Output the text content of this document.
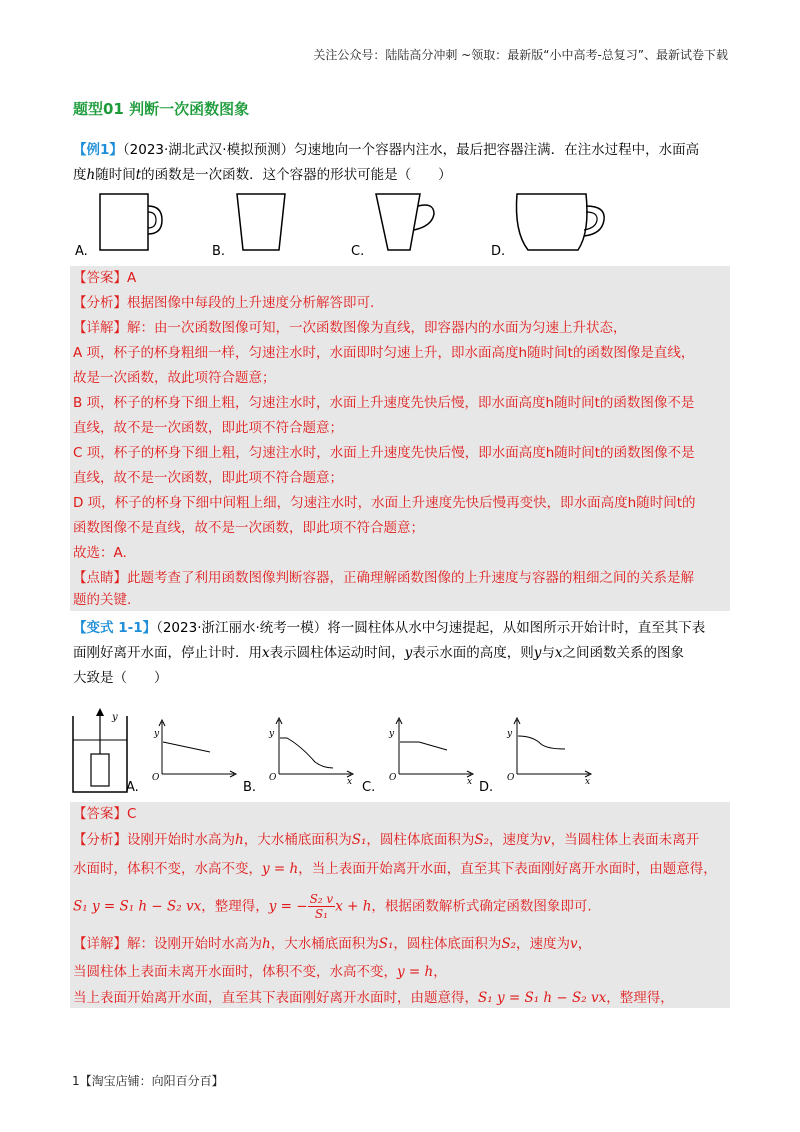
关注公众号：陆陆高分冲刺 ~领取：最新版“小中高考-总复习”、最新试卷下载
题型01 判断一次函数图象
【例1】（2023·湖北武汉·模拟预测）匀速地向一个容器内注水，最后把容器注满．在注水过程中，水面高
度h随时间t的函数是一次函数．这个容器的形状可能是（　　）
A.	B.	C.	D.
【答案】A
【分析】根据图像中每段的上升速度分析解答即可.
【详解】解：由一次函数图像可知，一次函数图像为直线，即容器内的水面为匀速上升状态，
A 项，杯子的杯身粗细一样，匀速注水时，水面即时匀速上升，即水面高度h随时间t的函数图像是直线，
故是一次函数，故此项符合题意；
B 项，杯子的杯身下细上粗，匀速注水时，水面上升速度先快后慢，即水面高度h随时间t的函数图像不是
直线，故不是一次函数，即此项不符合题意；
C 项，杯子的杯身下细上粗，匀速注水时，水面上升速度先快后慢，即水面高度h随时间t的函数图像不是
直线，故不是一次函数，即此项不符合题意；
D 项，杯子的杯身下细中间粗上细，匀速注水时，水面上升速度先快后慢再变快，即水面高度h随时间t的
函数图像不是直线，故不是一次函数，即此项不符合题意；
故选：A.
【点睛】此题考查了利用函数图像判断容器，正确理解函数图像的上升速度与容器的粗细之间的关系是解
题的关键.
【变式 1-1】（2023·浙江丽水·统考一模）将一圆柱体从水中匀速提起，从如图所示开始计时，直至其下表
面刚好离开水面，停止计时．用x表示圆柱体运动时间，y表示水面的高度，则y与x之间函数关系的图象
大致是（　　）
y
A.
y
O
B.
y
O	x C.
y
O	x D.
y
O	x
【答案】C
【分析】设刚开始时水高为h，大水桶底面积为S₁，圆柱体底面积为S₂，速度为v，当圆柱体上表面未离开
水面时，体积不变，水高不变，y = h，当上表面开始离开水面，直至其下表面刚好离开水面时，由题意得，
S₁ y = S₁ h − S₂ vx，整理得，y = − $\frac{\text{S₂ v}}{\text{S₁}}$ x + h，根据函数解析式确定函数图象即可.
【详解】解：设刚开始时水高为h，大水桶底面积为S₁，圆柱体底面积为S₂，速度为v，
当圆柱体上表面未离开水面时，体积不变，水高不变，y = h，
当上表面开始离开水面，直至其下表面刚好离开水面时，由题意得，S₁ y = S₁ h − S₂ vx，整理得，
1【淘宝店铺：向阳百分百】
